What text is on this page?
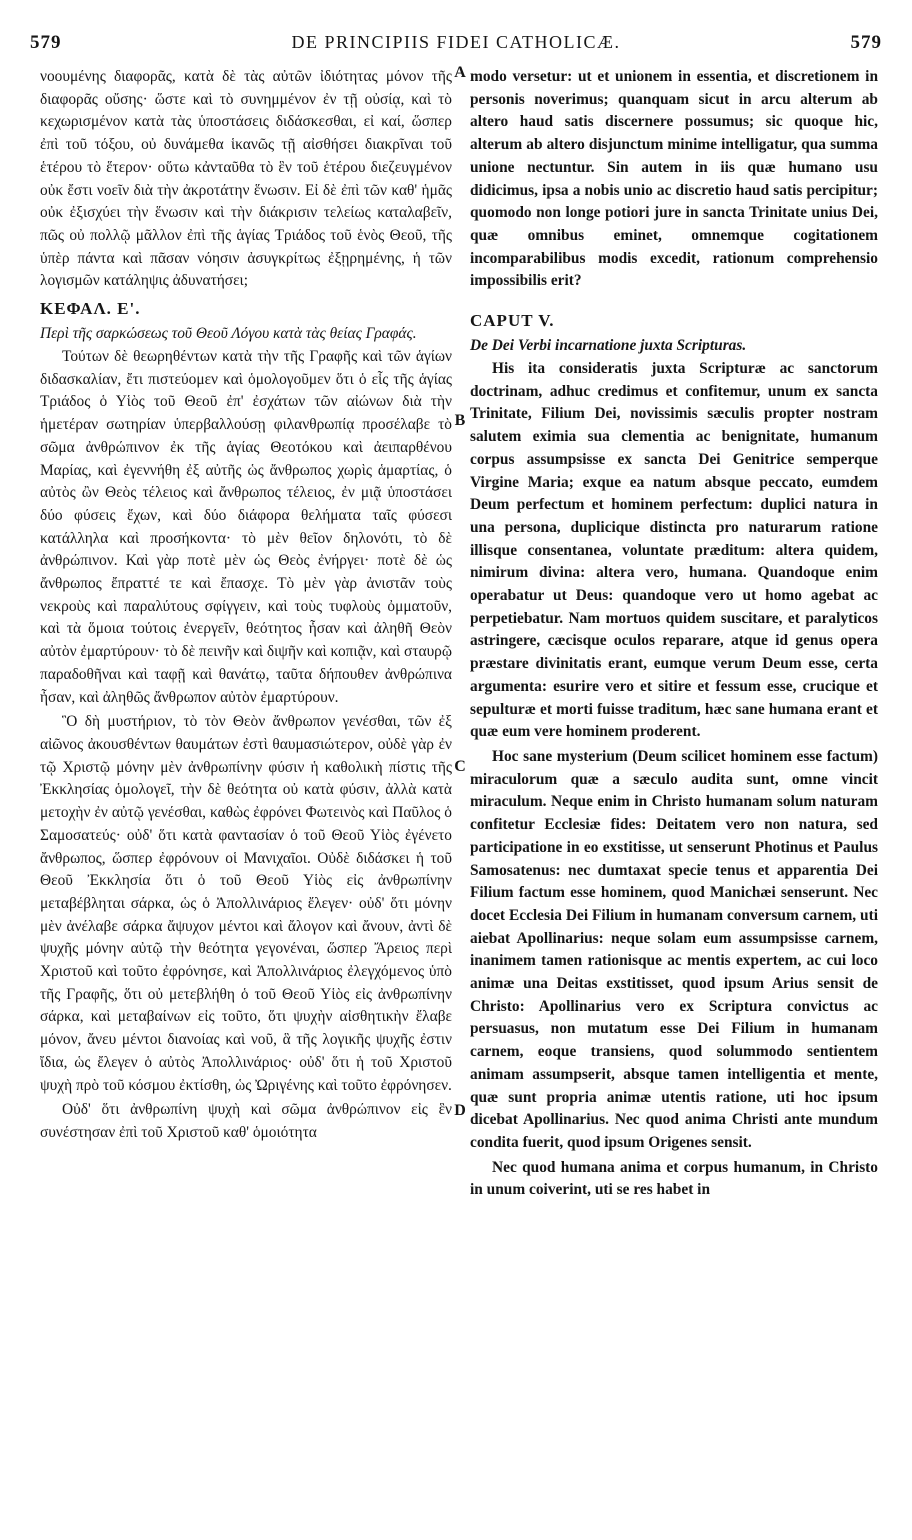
579	DE PRINCIPIIS FIDEI CATHOLICÆ.	579
A
B
C
D

νοουμένης διαφορᾶς, κατὰ δὲ τὰς αὐτῶν ἰδιότητας μόνον τῆς διαφορᾶς οὔσης· ὥστε καὶ τὸ συνημμένον ἐν τῇ οὐσίᾳ, καὶ τὸ κεχωρισμένον κατὰ τὰς ὑποστάσεις διδάσκεσθαι, εἰ καί, ὥσπερ ἐπὶ τοῦ τόξου, οὐ δυνάμεθα ἱκανῶς τῇ αἰσθήσει διακρῖναι τοῦ ἑτέρου τὸ ἕτερον· οὕτω κἀνταῦθα τὸ ἓν τοῦ ἑτέρου διεζευγμένον οὐκ ἔστι νοεῖν διὰ τὴν ἀκροτάτην ἕνωσιν. Εἰ δὲ ἐπὶ τῶν καθ' ἡμᾶς οὐκ ἐξισχύει τὴν ἕνωσιν καὶ τὴν διάκρισιν τελείως καταλαβεῖν, πῶς οὐ πολλῷ μᾶλλον ἐπὶ τῆς ἁγίας Τριάδος τοῦ ἑνὸς Θεοῦ, τῆς ὑπὲρ πάντα καὶ πᾶσαν νόησιν ἀσυγκρίτως ἐξῃρημένης, ἡ τῶν λογισμῶν κατάληψις ἀδυνατήσει;

ΚΕΦΑΛ. Ε'.

Περὶ τῆς σαρκώσεως τοῦ Θεοῦ Λόγου κατὰ τὰς θείας Γραφάς.

Τούτων δὲ θεωρηθέντων κατὰ τὴν τῆς Γραφῆς καὶ τῶν ἁγίων διδασκαλίαν, ἔτι πιστεύομεν καὶ ὁμολογοῦμεν ὅτι ὁ εἷς τῆς ἁγίας Τριάδος ὁ Υἱὸς τοῦ Θεοῦ ἐπ' ἐσχάτων τῶν αἰώνων διὰ τὴν ἡμετέραν σωτηρίαν ὑπερβαλλούσῃ φιλανθρωπίᾳ προσέλαβε τὸ σῶμα ἀνθρώπινον ἐκ τῆς ἁγίας Θεοτόκου καὶ ἀειπαρθένου Μαρίας, καὶ ἐγεννήθη ἐξ αὐτῆς ὡς ἄνθρωπος χωρὶς ἁμαρτίας, ὁ αὐτὸς ὢν Θεὸς τέλειος καὶ ἄνθρωπος τέλειος, ἐν μιᾷ ὑποστάσει δύο φύσεις ἔχων, καὶ δύο διάφορα θελήματα ταῖς φύσεσι κατάλληλα καὶ προσήκοντα· τὸ μὲν θεῖον δηλονότι, τὸ δὲ ἀνθρώπινον. Καὶ γὰρ ποτὲ μὲν ὡς Θεὸς ἐνήργει· ποτὲ δὲ ὡς ἄνθρωπος ἔπραττέ τε καὶ ἔπασχε. Τὸ μὲν γὰρ ἀνιστᾶν τοὺς νεκροὺς καὶ παραλύτους σφίγγειν, καὶ τοὺς τυφλοὺς ὀμματοῦν, καὶ τὰ ὅμοια τούτοις ἐνεργεῖν, θεότητος ἦσαν καὶ ἀληθῆ Θεὸν αὐτὸν ἐμαρτύρουν· τὸ δὲ πεινῆν καὶ διψῆν καὶ κοπιᾷν, καὶ σταυρῷ παραδοθῆναι καὶ ταφῇ καὶ θανάτῳ, ταῦτα δήπουθεν ἀνθρώπινα ἦσαν, καὶ ἀληθῶς ἄνθρωπον αὐτὸν ἐμαρτύρουν.

Ὃ δὴ μυστήριον, τὸ τὸν Θεὸν ἄνθρωπον γενέσθαι, τῶν ἐξ αἰῶνος ἀκουσθέντων θαυμάτων ἐστὶ θαυμασιώτερον, οὐδὲ γὰρ ἐν τῷ Χριστῷ μόνην μὲν ἀνθρωπίνην φύσιν ἡ καθολικὴ πίστις τῆς Ἐκκλησίας ὁμολογεῖ, τὴν δὲ θεότητα οὐ κατὰ φύσιν, ἀλλὰ κατὰ μετοχὴν ἐν αὐτῷ γενέσθαι, καθὼς ἐφρόνει Φωτεινὸς καὶ Παῦλος ὁ Σαμοσατεύς· οὐδ' ὅτι κατὰ φαντασίαν ὁ τοῦ Θεοῦ Υἱὸς ἐγένετο ἄνθρωπος, ὥσπερ ἐφρόνουν οἱ Μανιχαῖοι. Οὐδὲ διδάσκει ἡ τοῦ Θεοῦ Ἐκκλησία ὅτι ὁ τοῦ Θεοῦ Υἱὸς εἰς ἀνθρωπίνην μεταβέβληται σάρκα, ὡς ὁ Ἀπολλινάριος ἔλεγεν· οὐδ' ὅτι μόνην μὲν ἀνέλαβε σάρκα ἄψυχον μέντοι καὶ ἄλογον καὶ ἄνουν, ἀντὶ δὲ ψυχῆς μόνην αὐτῷ τὴν θεότητα γεγονέναι, ὥσπερ Ἄρειος περὶ Χριστοῦ καὶ τοῦτο ἐφρόνησε, καὶ Ἀπολλινάριος ἐλεγχόμενος ὑπὸ τῆς Γραφῆς, ὅτι οὐ μετεβλήθη ὁ τοῦ Θεοῦ Υἱὸς εἰς ἀνθρωπίνην σάρκα, καὶ μεταβαίνων εἰς τοῦτο, ὅτι ψυχὴν αἰσθητικὴν ἔλαβε μόνον, ἄνευ μέντοι διανοίας καὶ νοῦ, ἃ τῆς λογικῆς ψυχῆς ἐστιν ἴδια, ὡς ἔλεγεν ὁ αὐτὸς Ἀπολλινάριος· οὐδ' ὅτι ἡ τοῦ Χριστοῦ ψυχὴ πρὸ τοῦ κόσμου ἐκτίσθη, ὡς Ὠριγένης καὶ τοῦτο ἐφρόνησεν.

Οὐδ' ὅτι ἀνθρωπίνη ψυχὴ καὶ σῶμα ἀνθρώπινον εἰς ἓν συνέστησαν ἐπὶ τοῦ Χριστοῦ καθ' ὁμοιότητα

modo versetur: ut et unionem in essentia, et discretionem in personis noverimus; quanquam sicut in arcu alterum ab altero haud satis discernere possumus; sic quoque hic, alterum ab altero disjunctum minime intelligatur, qua summa unione nectuntur. Sin autem in iis quæ humano usu didicimus, ipsa a nobis unio ac discretio haud satis percipitur; quomodo non longe potiori jure in sancta Trinitate unius Dei, quæ omnibus eminet, omnemque cogitationem incomparabilibus modis excedit, rationum comprehensio impossibilis erit?

CAPUT V.

De Dei Verbi incarnatione juxta Scripturas.

His ita consideratis juxta Scripturæ ac sanctorum doctrinam, adhuc credimus et confitemur, unum ex sancta Trinitate, Filium Dei, novissimis sæculis propter nostram salutem eximia sua clementia ac benignitate, humanum corpus assumpsisse ex sancta Dei Genitrice semperque Virgine Maria; exque ea natum absque peccato, eumdem Deum perfectum et hominem perfectum: duplici natura in una persona, duplicique distincta pro naturarum ratione illisque consentanea, voluntate præditum: altera quidem, nimirum divina: altera vero, humana. Quandoque enim operabatur ut Deus: quandoque vero ut homo agebat ac perpetiebatur. Nam mortuos quidem suscitare, et paralyticos astringere, cæcisque oculos reparare, atque id genus opera præstare divinitatis erant, eumque verum Deum esse, certa argumenta: esurire vero et sitire et fessum esse, crucique et sepulturæ et morti fuisse traditum, hæc sane humana erant et quæ eum vere hominem proderent.

Hoc sane mysterium (Deum scilicet hominem esse factum) miraculorum quæ a sæculo audita sunt, omne vincit miraculum. Neque enim in Christo humanam solum naturam confitetur Ecclesiæ fides: Deitatem vero non natura, sed participatione in eo exstitisse, ut senserunt Photinus et Paulus Samosatenus: nec dumtaxat specie tenus et apparentia Dei Filium factum esse hominem, quod Manichæi senserunt. Nec docet Ecclesia Dei Filium in humanam conversum carnem, uti aiebat Apollinarius: neque solam eum assumpsisse carnem, inanimem tamen rationisque ac mentis expertem, ac cui loco animæ una Deitas exstitisset, quod ipsum Arius sensit de Christo: Apollinarius vero ex Scriptura convictus ac persuasus, non mutatum esse Dei Filium in humanam carnem, eoque transiens, quod solummodo sentientem animam assumpserit, absque tamen intelligentia et mente, quæ sunt propria animæ utentis ratione, uti hoc ipsum dicebat Apollinarius. Nec quod anima Christi ante mundum condita fuerit, quod ipsum Origenes sensit.

Nec quod humana anima et corpus humanum, in Christo in unum coiverint, uti se res habet in
